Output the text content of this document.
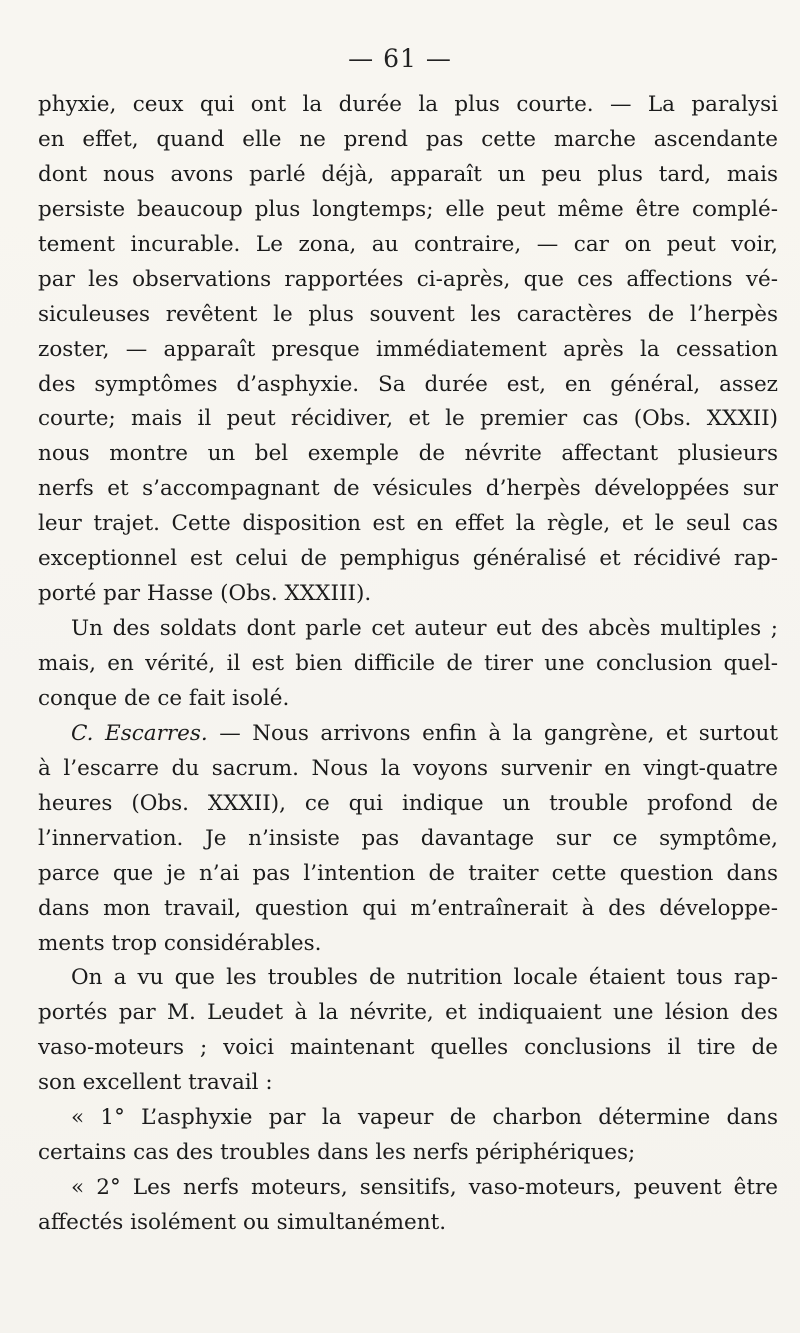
— 61 —
phyxie, ceux qui ont la durée la plus courte. — La paralysi
en effet, quand elle ne prend pas cette marche ascendante
dont nous avons parlé déjà, apparaît un peu plus tard, mais
persiste beaucoup plus longtemps; elle peut même être complé-
tement incurable. Le zona, au contraire, — car on peut voir,
par les observations rapportées ci-après, que ces affections vé-
siculeuses revêtent le plus souvent les caractères de l’herpès
zoster, — apparaît presque immédiatement après la cessation
des symptômes d’asphyxie. Sa durée est, en général, assez
courte; mais il peut récidiver, et le premier cas (Obs. XXXII)
nous montre un bel exemple de névrite affectant plusieurs
nerfs et s’accompagnant de vésicules d’herpès développées sur
leur trajet. Cette disposition est en effet la règle, et le seul cas
exceptionnel est celui de pemphigus généralisé et récidivé rap-
porté par Hasse (Obs. XXXIII).
Un des soldats dont parle cet auteur eut des abcès multiples ;
mais, en vérité, il est bien difficile de tirer une conclusion quel-
conque de ce fait isolé.
C. Escarres. — Nous arrivons enfin à la gangrène, et surtout
à l’escarre du sacrum. Nous la voyons survenir en vingt-quatre
heures (Obs. XXXII), ce qui indique un trouble profond de
l’innervation. Je n’insiste pas davantage sur ce symptôme,
parce que je n’ai pas l’intention de traiter cette question dans
dans mon travail, question qui m’entraînerait à des développe-
ments trop considérables.
On a vu que les troubles de nutrition locale étaient tous rap-
portés par M. Leudet à la névrite, et indiquaient une lésion des
vaso-moteurs ; voici maintenant quelles conclusions il tire de
son excellent travail :
« 1° L’asphyxie par la vapeur de charbon détermine dans
certains cas des troubles dans les nerfs périphériques;
« 2° Les nerfs moteurs, sensitifs, vaso-moteurs, peuvent être
affectés isolément ou simultanément.
